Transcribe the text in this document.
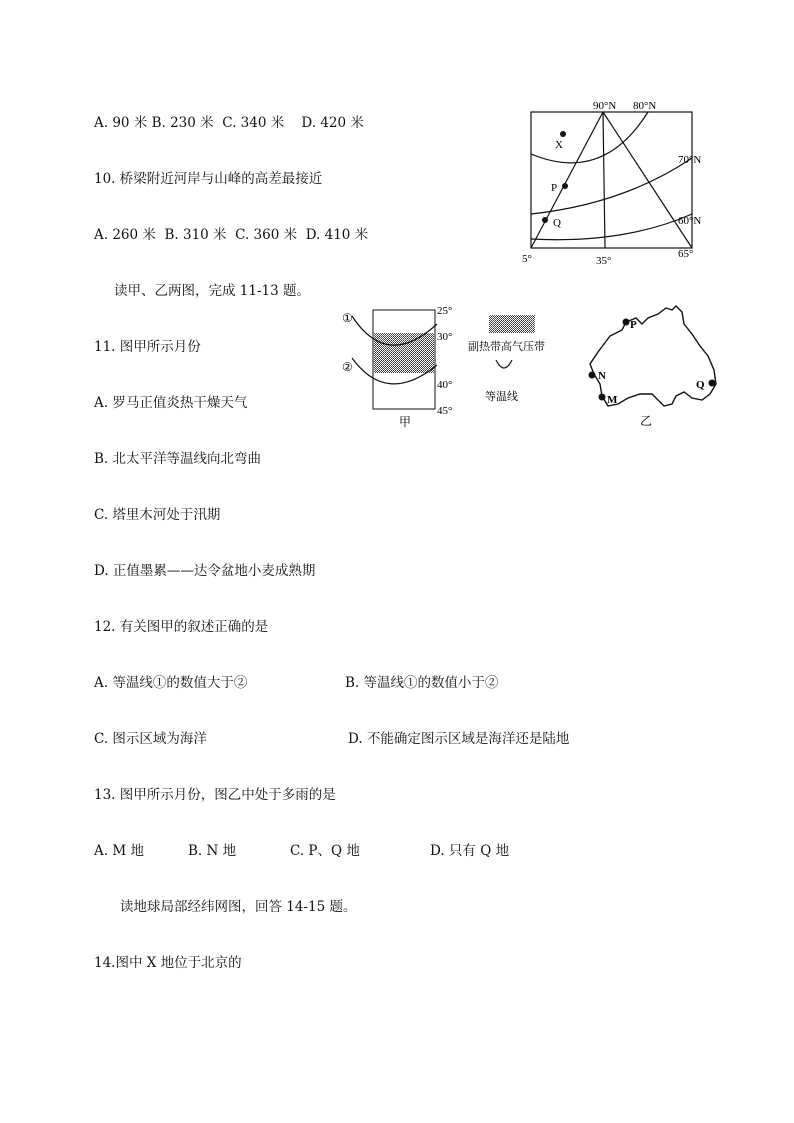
A. 90 米 B. 230 米  C. 340 米    D. 420 米
10. 桥梁附近河岸与山峰的高差最接近
A. 260 米  B. 310 米  C. 360 米  D. 410 米
读甲、乙两图，完成 11-13 题。
11. 图甲所示月份
A. 罗马正值炎热干燥天气
B. 北太平洋等温线向北弯曲
C. 塔里木河处于汛期
D. 正值墨累——达令盆地小麦成熟期
12. 有关图甲的叙述正确的是
A. 等温线①的数值大于②	B. 等温线①的数值小于②
C. 图示区域为海洋	D. 不能确定图示区域是海洋还是陆地
13. 图甲所示月份，图乙中处于多雨的是
A. M 地	B. N 地	C. P、Q 地	D. 只有 Q 地
读地球局部经纬网图，回答 14-15 题。
14.图中 X 地位于北京的
90°N 80°N
70°N
60°N
5°	35°
65°
X
P
Q
①
②
25°
30°
40°
45°
甲
副热带高气压带
等温线
P
N
M
Q
乙
